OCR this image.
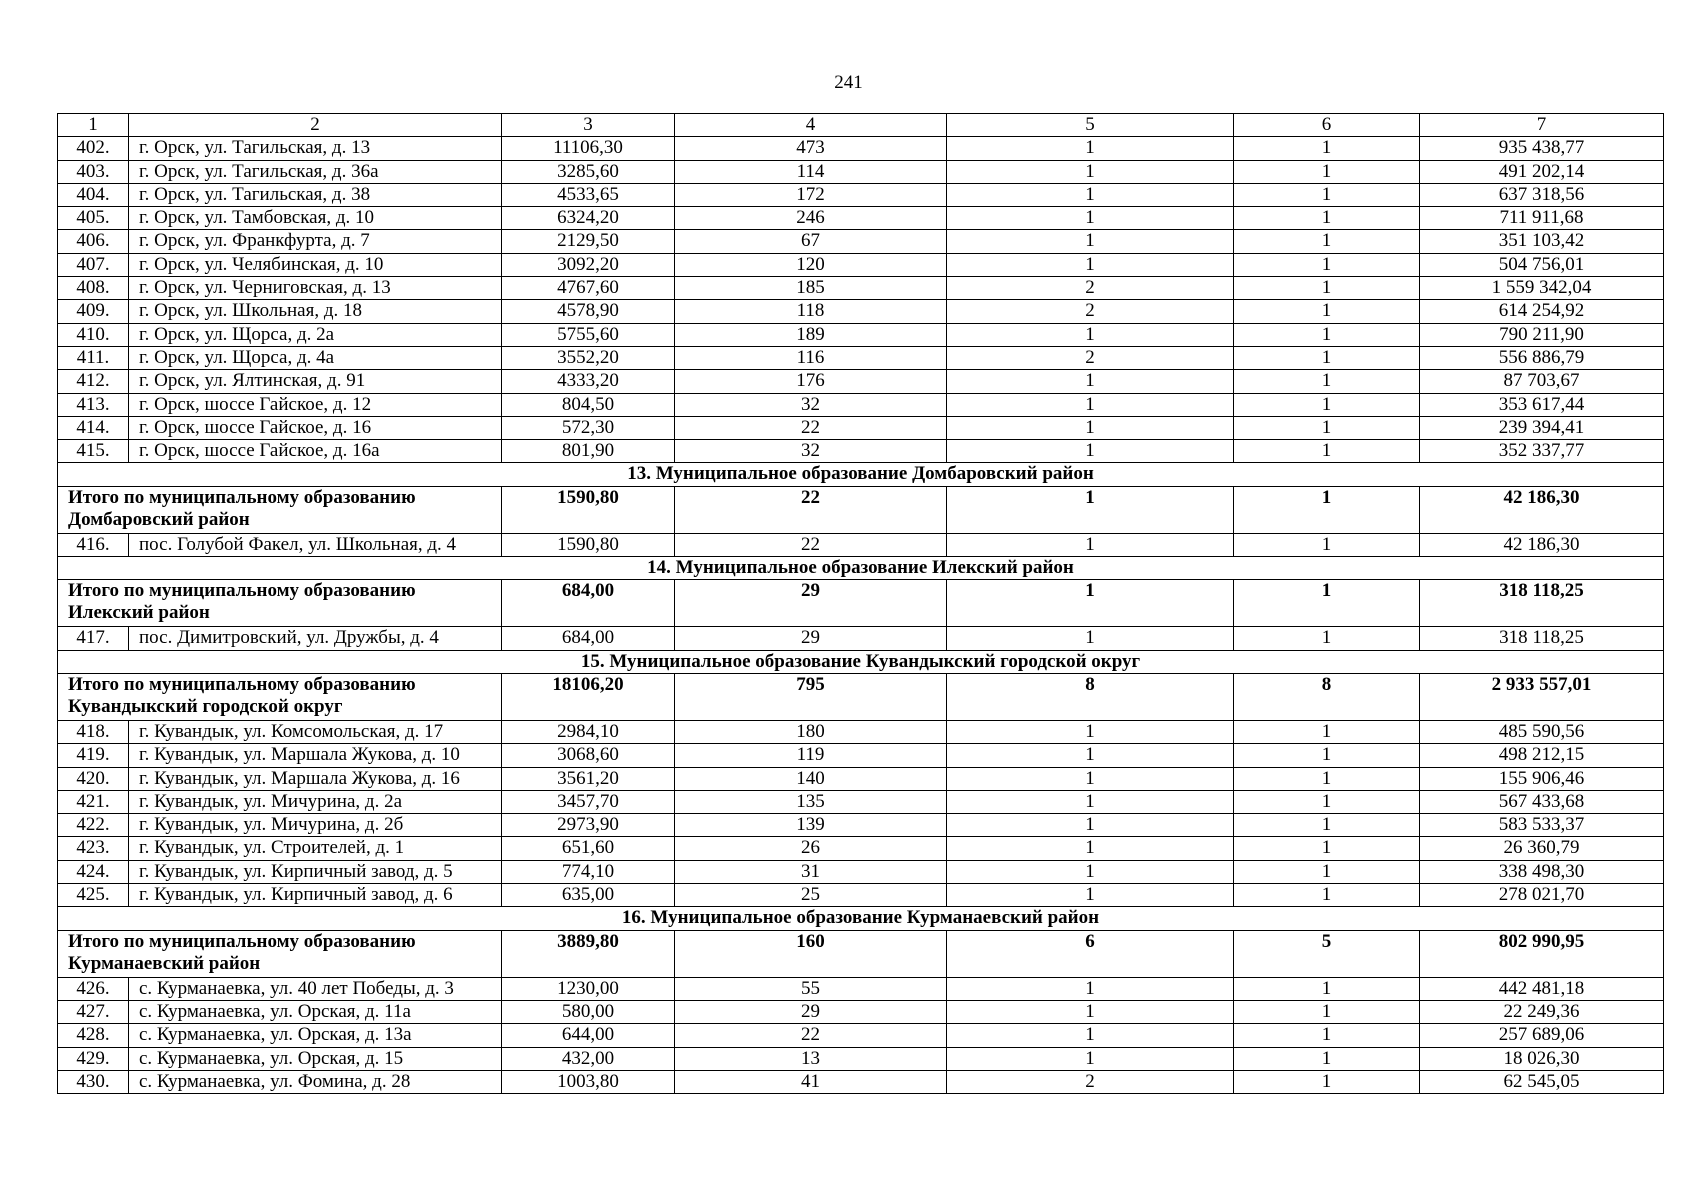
241
1	2	3	4	5	6	7
402.	г. Орск, ул. Тагильская, д. 13	11106,30	473	1	1	935 438,77
403.	г. Орск, ул. Тагильская, д. 36а	3285,60	114	1	1	491 202,14
404.	г. Орск, ул. Тагильская, д. 38	4533,65	172	1	1	637 318,56
405.	г. Орск, ул. Тамбовская, д. 10	6324,20	246	1	1	711 911,68
406.	г. Орск, ул. Франкфурта, д. 7	2129,50	67	1	1	351 103,42
407.	г. Орск, ул. Челябинская, д. 10	3092,20	120	1	1	504 756,01
408.	г. Орск, ул. Черниговская, д. 13	4767,60	185	2	1	1 559 342,04
409.	г. Орск, ул. Школьная, д. 18	4578,90	118	2	1	614 254,92
410.	г. Орск, ул. Щорса, д. 2а	5755,60	189	1	1	790 211,90
411.	г. Орск, ул. Щорса, д. 4а	3552,20	116	2	1	556 886,79
412.	г. Орск, ул. Ялтинская, д. 91	4333,20	176	1	1	87 703,67
413.	г. Орск, шоссе Гайское, д. 12	804,50	32	1	1	353 617,44
414.	г. Орск, шоссе Гайское, д. 16	572,30	22	1	1	239 394,41
415.	г. Орск, шоссе Гайское, д. 16а	801,90	32	1	1	352 337,77
13. Муниципальное образование Домбаровский район						
Итого по муниципальному образованию Домбаровский район		1590,80	22	1	1	42 186,30
416.	пос. Голубой Факел, ул. Школьная, д. 4	1590,80	22	1	1	42 186,30
14. Муниципальное образование Илекский район						
Итого по муниципальному образованию Илекский район		684,00	29	1	1	318 118,25
417.	пос. Димитровский, ул. Дружбы, д. 4	684,00	29	1	1	318 118,25
15. Муниципальное образование Кувандыкский городской округ						
Итого по муниципальному образованию Кувандыкский городской округ		18106,20	795	8	8	2 933 557,01
418.	г. Кувандык, ул. Комсомольская, д. 17	2984,10	180	1	1	485 590,56
419.	г. Кувандык, ул. Маршала Жукова, д. 10	3068,60	119	1	1	498 212,15
420.	г. Кувандык, ул. Маршала Жукова, д. 16	3561,20	140	1	1	155 906,46
421.	г. Кувандык, ул. Мичурина, д. 2а	3457,70	135	1	1	567 433,68
422.	г. Кувандык, ул. Мичурина, д. 2б	2973,90	139	1	1	583 533,37
423.	г. Кувандык, ул. Строителей, д. 1	651,60	26	1	1	26 360,79
424.	г. Кувандык, ул. Кирпичный завод, д. 5	774,10	31	1	1	338 498,30
425.	г. Кувандык, ул. Кирпичный завод, д. 6	635,00	25	1	1	278 021,70
16. Муниципальное образование Курманаевский район						
Итого по муниципальному образованию Курманаевский район		3889,80	160	6	5	802 990,95
426.	с. Курманаевка, ул. 40 лет Победы, д. 3	1230,00	55	1	1	442 481,18
427.	с. Курманаевка, ул. Орская, д. 11а	580,00	29	1	1	22 249,36
428.	с. Курманаевка, ул. Орская, д. 13а	644,00	22	1	1	257 689,06
429.	с. Курманаевка, ул. Орская, д. 15	432,00	13	1	1	18 026,30
430.	с. Курманаевка, ул. Фомина, д. 28	1003,80	41	2	1	62 545,05
